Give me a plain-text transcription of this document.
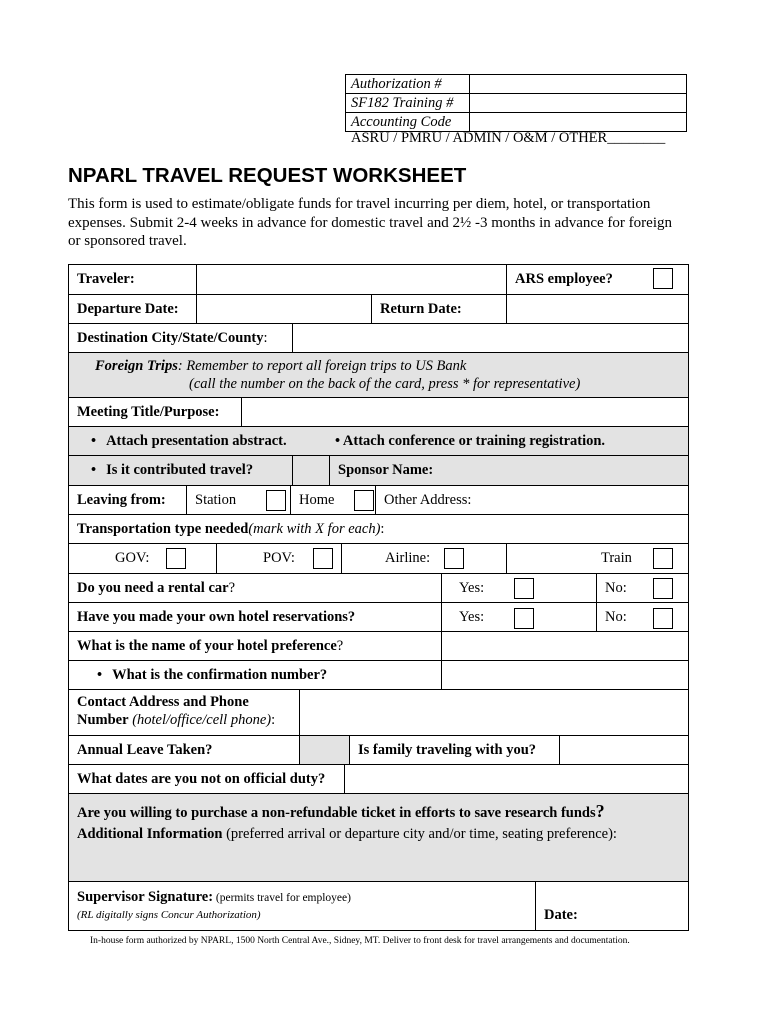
Authorization #	
SF182 Training #	
Accounting Code	
ASRU / PMRU / ADMIN / O&M / OTHER________
NPARL TRAVEL REQUEST WORKSHEET
This form is used to estimate/obligate funds for travel incurring per diem, hotel, or transportation expenses. Submit 2-4 weeks in advance for domestic travel and 2½ -3 months in advance for foreign or sponsored travel.
Traveler:	ARS employee?
Departure Date:	Return Date:
Destination City/State/County :
Foreign Trips: Remember to report all foreign trips to US Bank
(call the number on the back of the card, press * for representative)
Meeting Title/Purpose:
• Attach presentation abstract.	• Attach conference or training registration.
• Is it contributed travel?	Sponsor Name:
Leaving from:	Station	Home	Other Address:
Transportation type needed (mark with X for each) :
GOV:	POV:	Airline:	Train
Do you need a rental car ?	Yes:	No:
Have you made your own hotel reservations?	Yes:	No:
What is the name of your hotel preference ?
• What is the confirmation number?
Contact Address and Phone
Number (hotel/office/cell phone):
Annual Leave Taken?	Is family traveling with you?
What dates are you not on official duty?
Are you willing to purchase a non-refundable ticket in efforts to save research funds?
Additional Information (preferred arrival or departure city and/or time, seating preference):
Supervisor Signature: (permits travel for employee)
(RL digitally signs Concur Authorization)	Date:
In-house form authorized by NPARL, 1500 North Central Ave., Sidney, MT. Deliver to front desk for travel arrangements and documentation.
